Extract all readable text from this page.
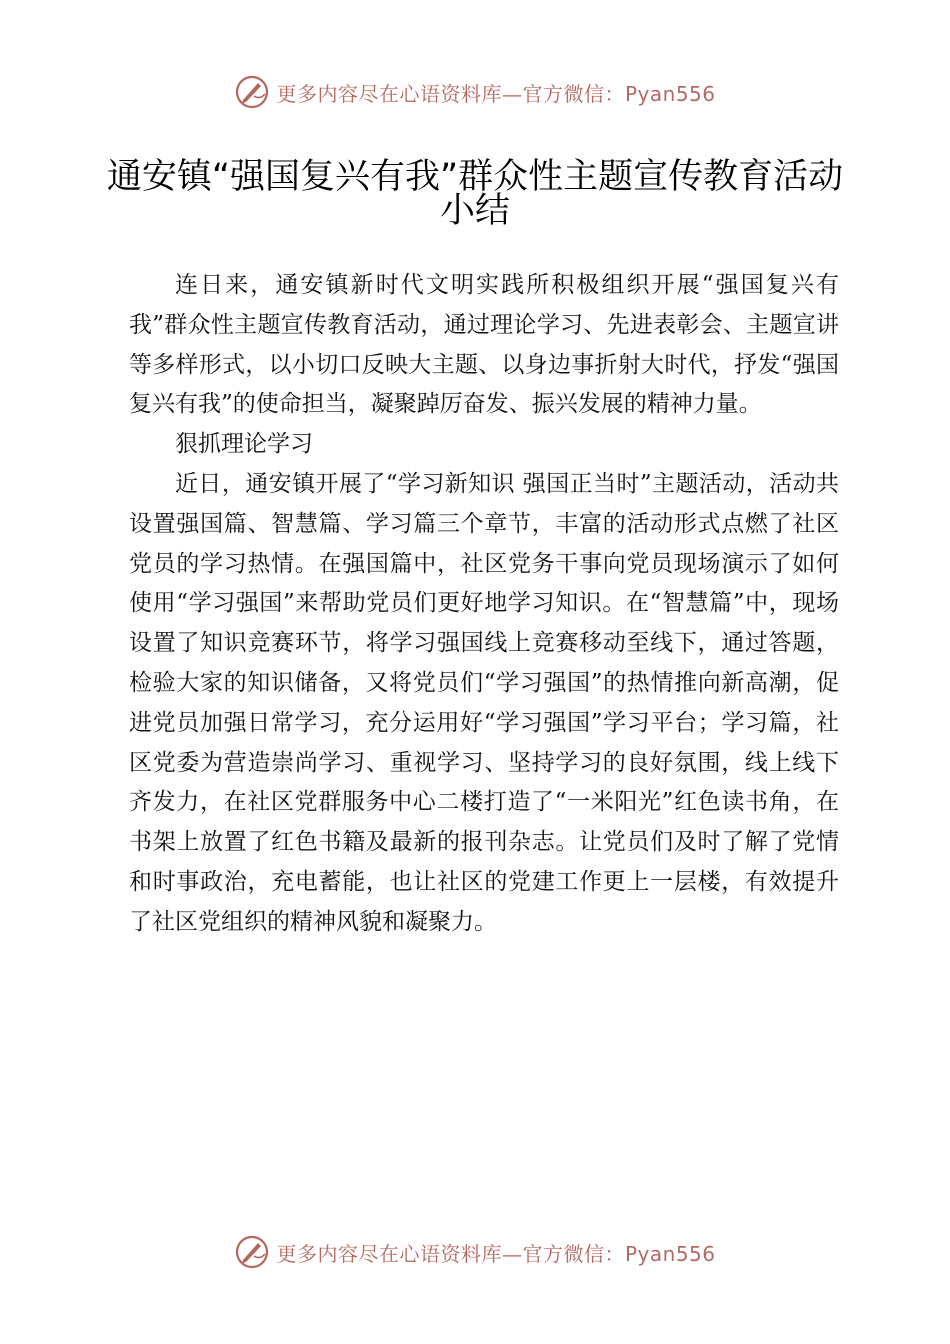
更多内容尽在心语资料库—官方微信：Pyan556
通安镇“强国复兴有我”群众性主题宣传教育活动小结

连日来，通安镇新时代文明实践所积极组织开展“强国复兴有我”群众性主题宣传教育活动，通过理论学习、先进表彰会、主题宣讲等多样形式，以小切口反映大主题、以身边事折射大时代，抒发“强国复兴有我”的使命担当，凝聚踔厉奋发、振兴发展的精神力量。

狠抓理论学习

近日，通安镇开展了“学习新知识 强国正当时”主题活动，活动共设置强国篇、智慧篇、学习篇三个章节，丰富的活动形式点燃了社区党员的学习热情。在强国篇中，社区党务干事向党员现场演示了如何使用“学习强国”来帮助党员们更好地学习知识。在“智慧篇”中，现场设置了知识竞赛环节，将学习强国线上竞赛移动至线下，通过答题，检验大家的知识储备，又将党员们“学习强国”的热情推向新高潮，促进党员加强日常学习，充分运用好“学习强国”学习平台；学习篇，社区党委为营造崇尚学习、重视学习、坚持学习的良好氛围，线上线下齐发力，在社区党群服务中心二楼打造了“一米阳光”红色读书角，在书架上放置了红色书籍及最新的报刊杂志。让党员们及时了解了党情和时事政治，充电蓄能，也让社区的党建工作更上一层楼，有效提升了社区党组织的精神风貌和凝聚力。

更多内容尽在心语资料库—官方微信：Pyan556
